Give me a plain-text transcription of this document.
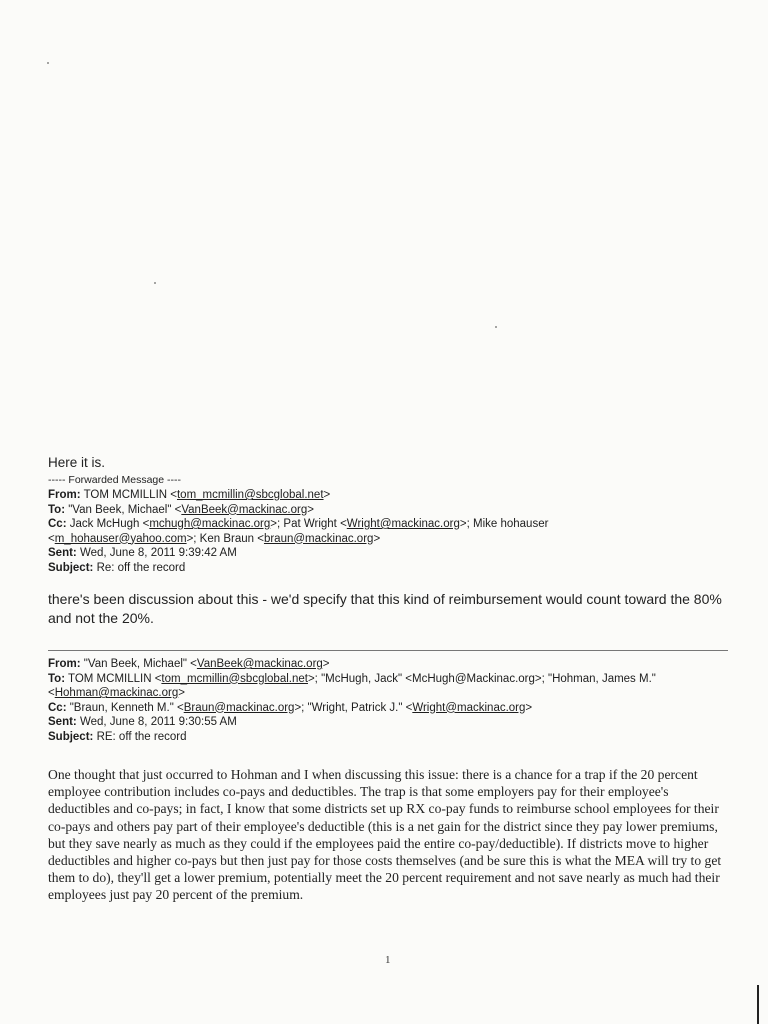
Here it is.
----- Forwarded Message ----
From: TOM MCMILLIN <tom_mcmillin@sbcglobal.net>
To: "Van Beek, Michael" <VanBeek@mackinac.org>
Cc: Jack McHugh <mchugh@mackinac.org>; Pat Wright <Wright@mackinac.org>; Mike hohauser
<m_hohauser@yahoo.com>; Ken Braun <braun@mackinac.org>
Sent: Wed, June 8, 2011 9:39:42 AM
Subject: Re: off the record

there's been discussion about this - we'd specify that this kind of reimbursement would count toward the 80% and not the 20%.

From: "Van Beek, Michael" <VanBeek@mackinac.org>
To: TOM MCMILLIN <tom_mcmillin@sbcglobal.net>; "McHugh, Jack" <McHugh@Mackinac.org>; "Hohman, James M."
<Hohman@mackinac.org>
Cc: "Braun, Kenneth M." <Braun@mackinac.org>; "Wright, Patrick J." <Wright@mackinac.org>
Sent: Wed, June 8, 2011 9:30:55 AM
Subject: RE: off the record

One thought that just occurred to Hohman and I when discussing this issue: there is a chance for a trap if the 20 percent employee contribution includes co-pays and deductibles. The trap is that some employers pay for their employee's deductibles and co-pays; in fact, I know that some districts set up RX co-pay funds to reimburse school employees for their co-pays and others pay part of their employee's deductible (this is a net gain for the district since they pay lower premiums, but they save nearly as much as they could if the employees paid the entire co-pay/deductible). If districts move to higher deductibles and higher co-pays but then just pay for those costs themselves (and be sure this is what the MEA will try to get them to do), they'll get a lower premium, potentially meet the 20 percent requirement and not save nearly as much had their employees just pay 20 percent of the premium.

1
